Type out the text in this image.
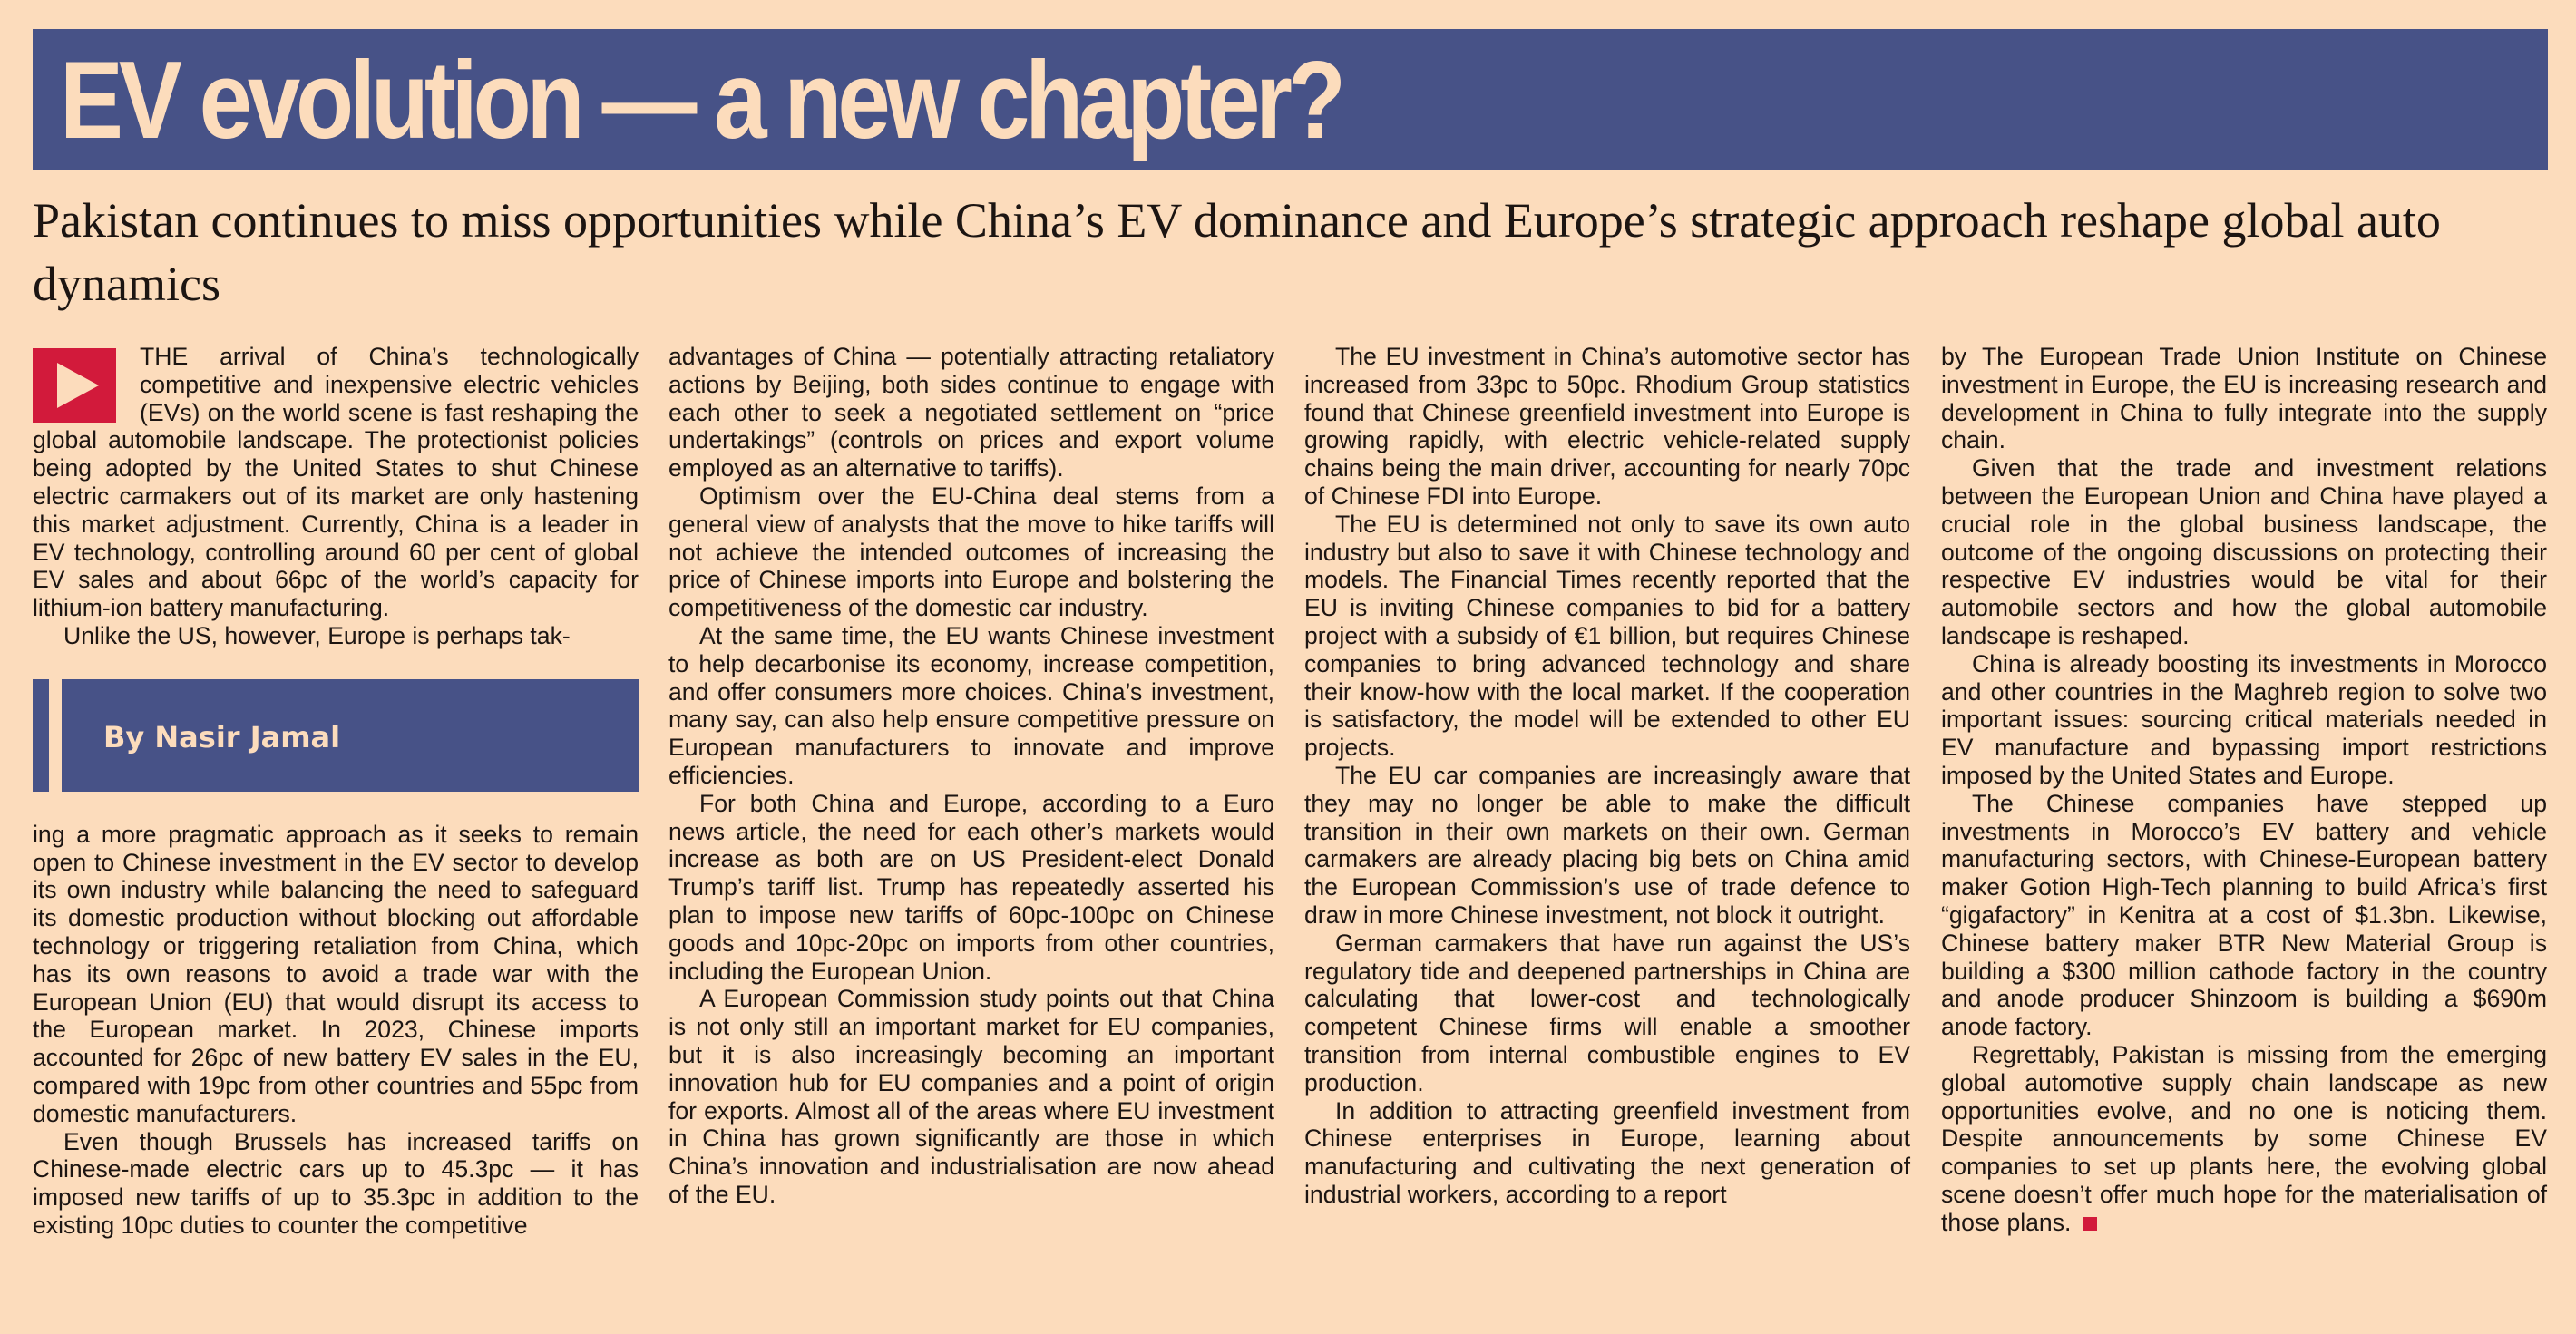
EV evolution — a new chapter?
Pakistan continues to miss opportunities while China’s EV dominance and Europe’s strategic approach reshape global auto dynamics

THE arrival of China’s technologically competitive and inexpensive electric vehicles (EVs) on the world scene is fast reshaping the global automobile landscape. The protectionist policies being adopted by the United States to shut Chinese electric carmakers out of its market are only hastening this market adjustment. Currently, China is a leader in EV technology, controlling around 60 per cent of global EV sales and about 66pc of the world’s capacity for lithium-ion battery manufacturing.

Unlike the US, however, Europe is perhaps tak-

By Nasir Jamal

ing a more pragmatic approach as it seeks to remain open to Chinese investment in the EV sector to develop its own industry while balancing the need to safeguard its domestic production without blocking out affordable technology or triggering retaliation from China, which has its own reasons to avoid a trade war with the European Union (EU) that would disrupt its access to the European market. In 2023, Chinese imports accounted for 26pc of new battery EV sales in the EU, compared with 19pc from other countries and 55pc from domestic manufacturers.

Even though Brussels has increased tariffs on Chinese-made electric cars up to 45.3pc — it has imposed new tariffs of up to 35.3pc in addition to the existing 10pc duties to counter the competitive

advantages of China — potentially attracting retaliatory actions by Beijing, both sides continue to engage with each other to seek a negotiated settlement on “price undertakings” (controls on prices and export volume employed as an alternative to tariffs).

Optimism over the EU-China deal stems from a general view of analysts that the move to hike tariffs will not achieve the intended outcomes of increasing the price of Chinese imports into Europe and bolstering the competitiveness of the domestic car industry.

At the same time, the EU wants Chinese investment to help decarbonise its economy, increase competition, and offer consumers more choices. China’s investment, many say, can also help ensure competitive pressure on European manufacturers to innovate and improve efficiencies.

For both China and Europe, according to a Euro news article, the need for each other’s markets would increase as both are on US President-elect Donald Trump’s tariff list. Trump has repeatedly asserted his plan to impose new tariffs of 60pc-100pc on Chinese goods and 10pc-20pc on imports from other countries, including the European Union.

A European Commission study points out that China is not only still an important market for EU companies, but it is also increasingly becoming an important innovation hub for EU companies and a point of origin for exports. Almost all of the areas where EU investment in China has grown significantly are those in which China’s innovation and industrialisation are now ahead of the EU.

The EU investment in China’s automotive sector has increased from 33pc to 50pc. Rhodium Group statistics found that Chinese greenfield investment into Europe is growing rapidly, with electric vehicle-related supply chains being the main driver, accounting for nearly 70pc of Chinese FDI into Europe.

The EU is determined not only to save its own auto industry but also to save it with Chinese technology and models. The Financial Times recently reported that the EU is inviting Chinese companies to bid for a battery project with a subsidy of €1 billion, but requires Chinese companies to bring advanced technology and share their know-how with the local market. If the cooperation is satisfactory, the model will be extended to other EU projects.

The EU car companies are increasingly aware that they may no longer be able to make the difficult transition in their own markets on their own. German carmakers are already placing big bets on China amid the European Commission’s use of trade defence to draw in more Chinese investment, not block it outright.

German carmakers that have run against the US’s regulatory tide and deepened partnerships in China are calculating that lower-cost and technologically competent Chinese firms will enable a smoother transition from internal combustible engines to EV production.

In addition to attracting greenfield investment from Chinese enterprises in Europe, learning about manufacturing and cultivating the next generation of industrial workers, according to a report

by The European Trade Union Institute on Chinese investment in Europe, the EU is increasing research and development in China to fully integrate into the supply chain.

Given that the trade and investment relations between the European Union and China have played a crucial role in the global business landscape, the outcome of the ongoing discussions on protecting their respective EV industries would be vital for their automobile sectors and how the global automobile landscape is reshaped.

China is already boosting its investments in Morocco and other countries in the Maghreb region to solve two important issues: sourcing critical materials needed in EV manufacture and bypassing import restrictions imposed by the United States and Europe.

The Chinese companies have stepped up investments in Morocco’s EV battery and vehicle manufacturing sectors, with Chinese-European battery maker Gotion High-Tech planning to build Africa’s first “gigafactory” in Kenitra at a cost of $1.3bn. Likewise, Chinese battery maker BTR New Material Group is building a $300 million cathode factory in the country and anode producer Shinzoom is building a $690m anode factory.

Regrettably, Pakistan is missing from the emerging global automotive supply chain landscape as new opportunities evolve, and no one is noticing them. Despite announcements by some Chinese EV companies to set up plants here, the evolving global scene doesn’t offer much hope for the materialisation of those plans.
